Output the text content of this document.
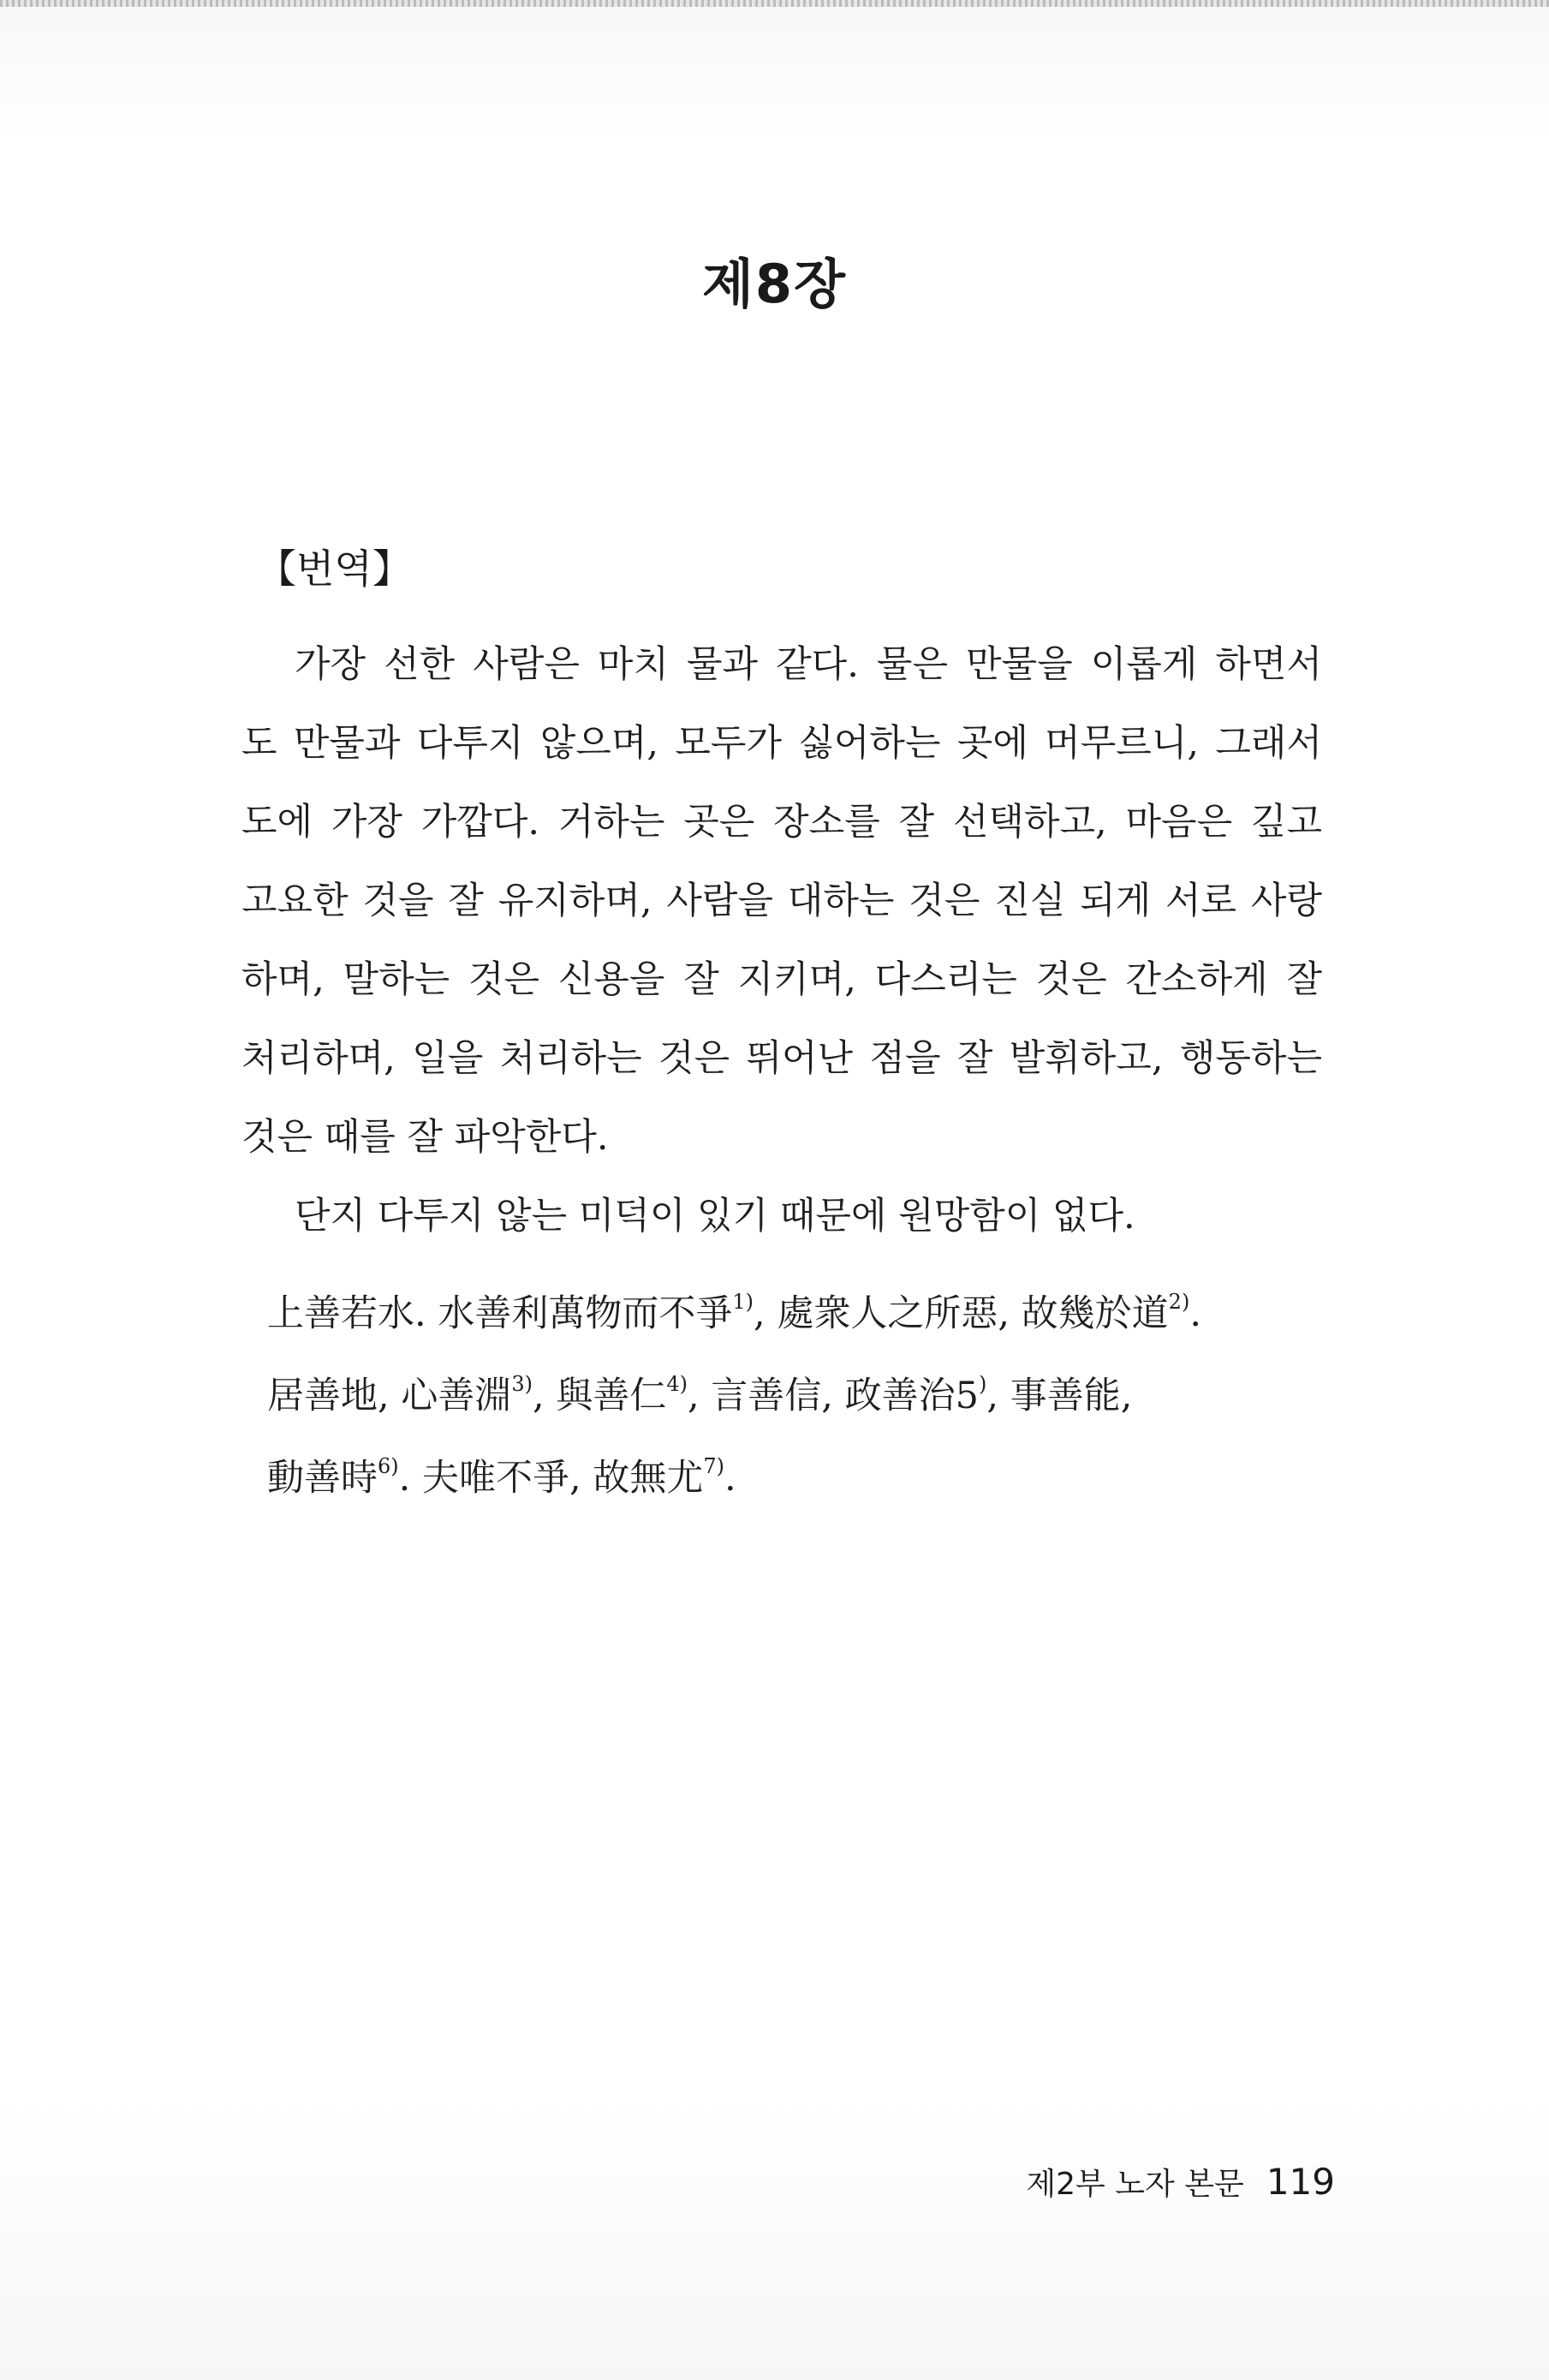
제8장
【번역】
가장 선한 사람은 마치 물과 같다. 물은 만물을 이롭게 하면서
도 만물과 다투지 않으며, 모두가 싫어하는 곳에 머무르니, 그래서
도에 가장 가깝다. 거하는 곳은 장소를 잘 선택하고, 마음은 깊고
고요한 것을 잘 유지하며, 사람을 대하는 것은 진실 되게 서로 사랑
하며, 말하는 것은 신용을 잘 지키며, 다스리는 것은 간소하게 잘
처리하며, 일을 처리하는 것은 뛰어난 점을 잘 발휘하고, 행동하는
것은 때를 잘 파악한다.
단지 다투지 않는 미덕이 있기 때문에 원망함이 없다.
上善若水. 水善利萬物而不爭$^{1)}$, 處衆人之所惡, 故幾於道$^{2)}$.
居善地, 心善淵$^{3)}$, 與善仁$^{4)}$, 言善信, 政善治5), 事善能,
動善時$^{6)}$. 夫唯不爭, 故無尤$^{7)}$.
제2부 노자 본문 119
